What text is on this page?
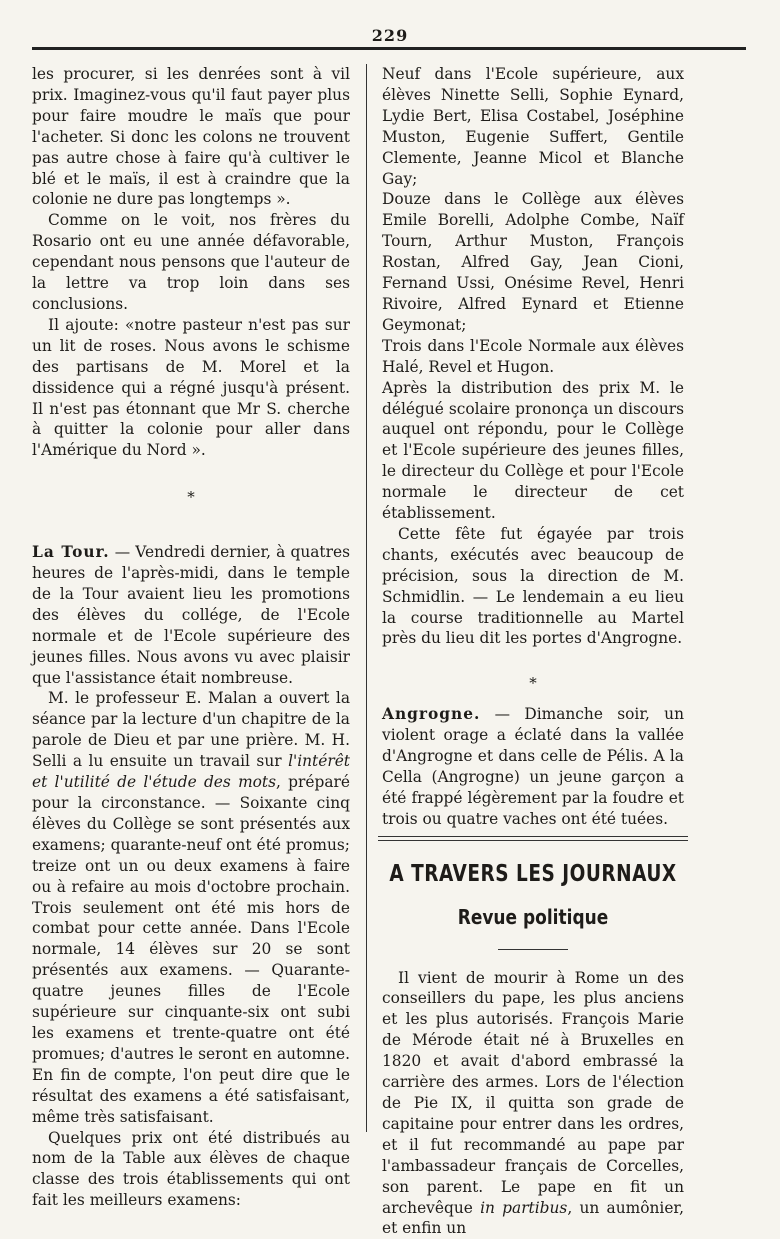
229

les procurer, si les denrées sont à vil prix. Imaginez-vous qu'il faut payer plus pour faire moudre le maïs que pour l'acheter. Si donc les colons ne trouvent pas autre chose à faire qu'à cultiver le blé et le maïs, il est à craindre que la colonie ne dure pas longtemps ».

Comme on le voit, nos frères du Rosario ont eu une année défavorable, cependant nous pensons que l'auteur de la lettre va trop loin dans ses conclusions.

Il ajoute: «notre pasteur n'est pas sur un lit de roses. Nous avons le schisme des partisans de M. Morel et la dissidence qui a régné jusqu'à présent. Il n'est pas étonnant que Mr S. cherche à quitter la colonie pour aller dans l'Amérique du Nord ».

*

La Tour. — Vendredi dernier, à quatres heures de l'après-midi, dans le temple de la Tour avaient lieu les promotions des élèves du collége, de l'Ecole normale et de l'Ecole supérieure des jeunes filles. Nous avons vu avec plaisir que l'assistance était nombreuse.

M. le professeur E. Malan a ouvert la séance par la lecture d'un chapitre de la parole de Dieu et par une prière. M. H. Selli a lu ensuite un travail sur l'intérêt et l'utilité de l'étude des mots, préparé pour la circonstance. — Soixante cinq élèves du Collège se sont présentés aux examens; quarante-neuf ont été promus; treize ont un ou deux examens à faire ou à refaire au mois d'octobre prochain. Trois seulement ont été mis hors de combat pour cette année. Dans l'Ecole normale, 14 élèves sur 20 se sont présentés aux examens. — Quarante-quatre jeunes filles de l'Ecole supérieure sur cinquante-six ont subi les examens et trente-quatre ont été promues; d'autres le seront en automne. En fin de compte, l'on peut dire que le résultat des examens a été satisfaisant, même très satisfaisant.

Quelques prix ont été distribués au nom de la Table aux élèves de chaque classe des trois établissements qui ont fait les meilleurs examens:

Neuf dans l'Ecole supérieure, aux élèves Ninette Selli, Sophie Eynard, Lydie Bert, Elisa Costabel, Joséphine Muston, Eugenie Suffert, Gentile Clemente, Jeanne Micol et Blanche Gay;

Douze dans le Collège aux élèves Emile Borelli, Adolphe Combe, Naïf Tourn, Arthur Muston, François Rostan, Alfred Gay, Jean Cioni, Fernand Ussi, Onésime Revel, Henri Rivoire, Alfred Eynard et Etienne Geymonat;

Trois dans l'Ecole Normale aux élèves Halé, Revel et Hugon.

Après la distribution des prix M. le délégué scolaire prononça un discours auquel ont répondu, pour le Collège et l'Ecole supérieure des jeunes filles, le directeur du Collège et pour l'Ecole normale le directeur de cet établissement.

Cette fête fut égayée par trois chants, exécutés avec beaucoup de précision, sous la direction de M. Schmidlin. — Le lendemain a eu lieu la course traditionnelle au Martel près du lieu dit les portes d'Angrogne.

*

Angrogne. — Dimanche soir, un violent orage a éclaté dans la vallée d'Angrogne et dans celle de Pélis. A la Cella (Angrogne) un jeune garçon a été frappé légèrement par la foudre et trois ou quatre vaches ont été tuées.

A TRAVERS LES JOURNAUX
Revue politique

Il vient de mourir à Rome un des conseillers du pape, les plus anciens et les plus autorisés. François Marie de Mérode était né à Bruxelles en 1820 et avait d'abord embrassé la carrière des armes. Lors de l'élection de Pie IX, il quitta son grade de capitaine pour entrer dans les ordres, et il fut recommandé au pape par l'ambassadeur français de Corcelles, son parent. Le pape en fit un archevêque in partibus, un aumônier, et enfin un
